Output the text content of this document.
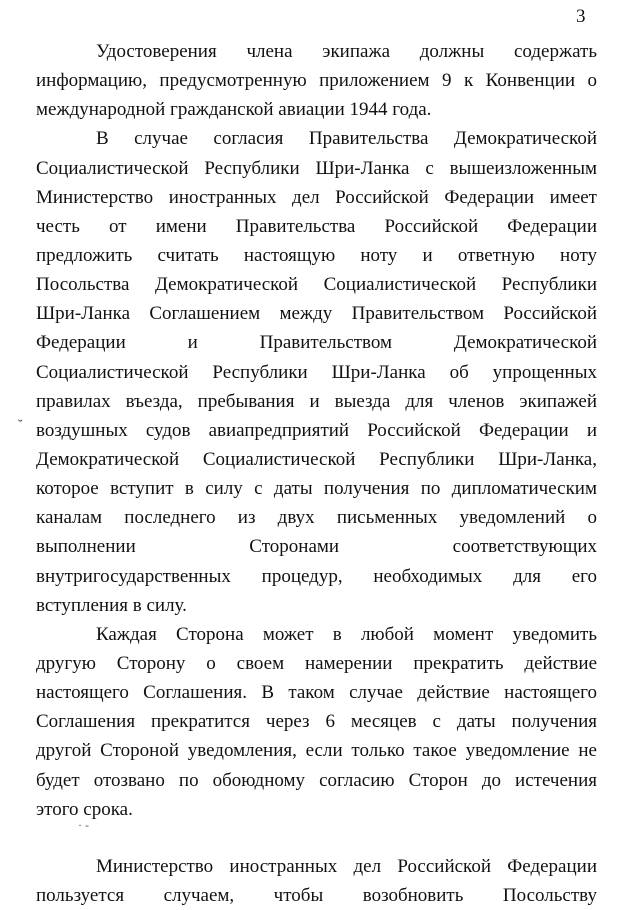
3
˘
· -
Удостоверения члена экипажа должны содержать
информацию, предусмотренную приложением 9 к Конвенции о
международной гражданской авиации 1944 года.
В случае согласия Правительства Демократической
Социалистической Республики Шри-Ланка с вышеизложенным
Министерство иностранных дел Российской Федерации имеет
честь от имени Правительства Российской Федерации
предложить считать настоящую ноту и ответную ноту
Посольства Демократической Социалистической Республики
Шри-Ланка Соглашением между Правительством Российской
Федерации и Правительством Демократической
Социалистической Республики Шри-Ланка об упрощенных
правилах въезда, пребывания и выезда для членов экипажей
воздушных судов авиапредприятий Российской Федерации и
Демократической Социалистической Республики Шри-Ланка,
которое вступит в силу с даты получения по дипломатическим
каналам последнего из двух письменных уведомлений о
выполнении Сторонами соответствующих
внутригосударственных процедур, необходимых для его
вступления в силу.
Каждая Сторона может в любой момент уведомить
другую Сторону о своем намерении прекратить действие
настоящего Соглашения. В таком случае действие настоящего
Соглашения прекратится через 6 месяцев с даты получения
другой Стороной уведомления, если только такое уведомление не
будет отозвано по обоюдному согласию Сторон до истечения
этого срока.
Министерство иностранных дел Российской Федерации
пользуется случаем, чтобы возобновить Посольству
